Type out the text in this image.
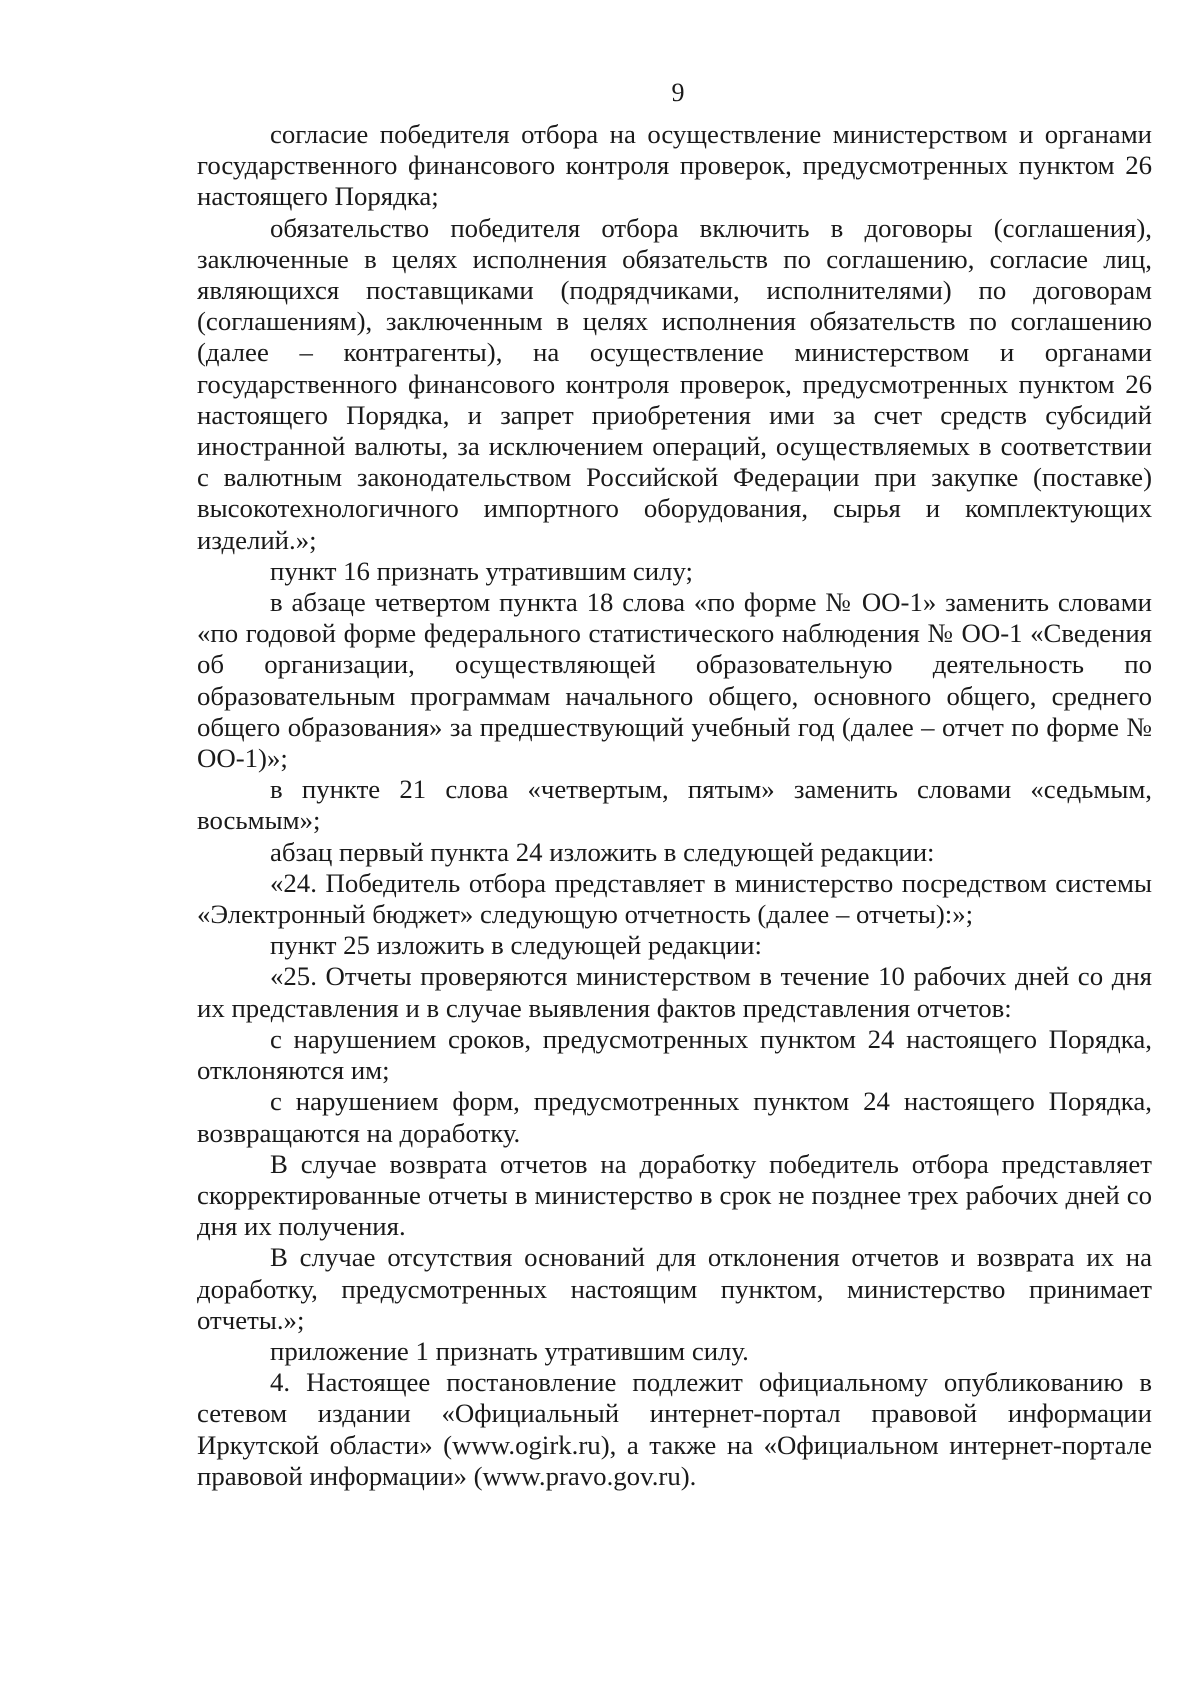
9

согласие победителя отбора на осуществление министерством и органами государственного финансового контроля проверок, предусмотренных пунктом 26 настоящего Порядка;

обязательство победителя отбора включить в договоры (соглашения), заключенные в целях исполнения обязательств по соглашению, согласие лиц, являющихся поставщиками (подрядчиками, исполнителями) по договорам (соглашениям), заключенным в целях исполнения обязательств по соглашению (далее – контрагенты), на осуществление министерством и органами государственного финансового контроля проверок, предусмотренных пунктом 26 настоящего Порядка, и запрет приобретения ими за счет средств субсидий иностранной валюты, за исключением операций, осуществляемых в соответствии с валютным законодательством Российской Федерации при закупке (поставке) высокотехнологичного импортного оборудования, сырья и комплектующих изделий.»;

пункт 16 признать утратившим силу;

в абзаце четвертом пункта 18 слова «по форме № ОО-1» заменить словами «по годовой форме федерального статистического наблюдения № ОО-1 «Сведения об организации, осуществляющей образовательную деятельность по образовательным программам начального общего, основного общего, среднего общего образования» за предшествующий учебный год (далее – отчет по форме № ОО-1)»;

в пункте 21 слова «четвертым, пятым» заменить словами «седьмым, восьмым»;

абзац первый пункта 24 изложить в следующей редакции:

«24. Победитель отбора представляет в министерство посредством системы «Электронный бюджет» следующую отчетность (далее – отчеты):»;

пункт 25 изложить в следующей редакции:

«25. Отчеты проверяются министерством в течение 10 рабочих дней со дня их представления и в случае выявления фактов представления отчетов:

с нарушением сроков, предусмотренных пунктом 24 настоящего Порядка, отклоняются им;

с нарушением форм, предусмотренных пунктом 24 настоящего Порядка, возвращаются на доработку.

В случае возврата отчетов на доработку победитель отбора представляет скорректированные отчеты в министерство в срок не позднее трех рабочих дней со дня их получения.

В случае отсутствия оснований для отклонения отчетов и возврата их на доработку, предусмотренных настоящим пунктом, министерство принимает отчеты.»;

приложение 1 признать утратившим силу.

4. Настоящее постановление подлежит официальному опубликованию в сетевом издании «Официальный интернет-портал правовой информации Иркутской области» (www.ogirk.ru), а также на «Официальном интернет-портале правовой информации» (www.pravo.gov.ru).
